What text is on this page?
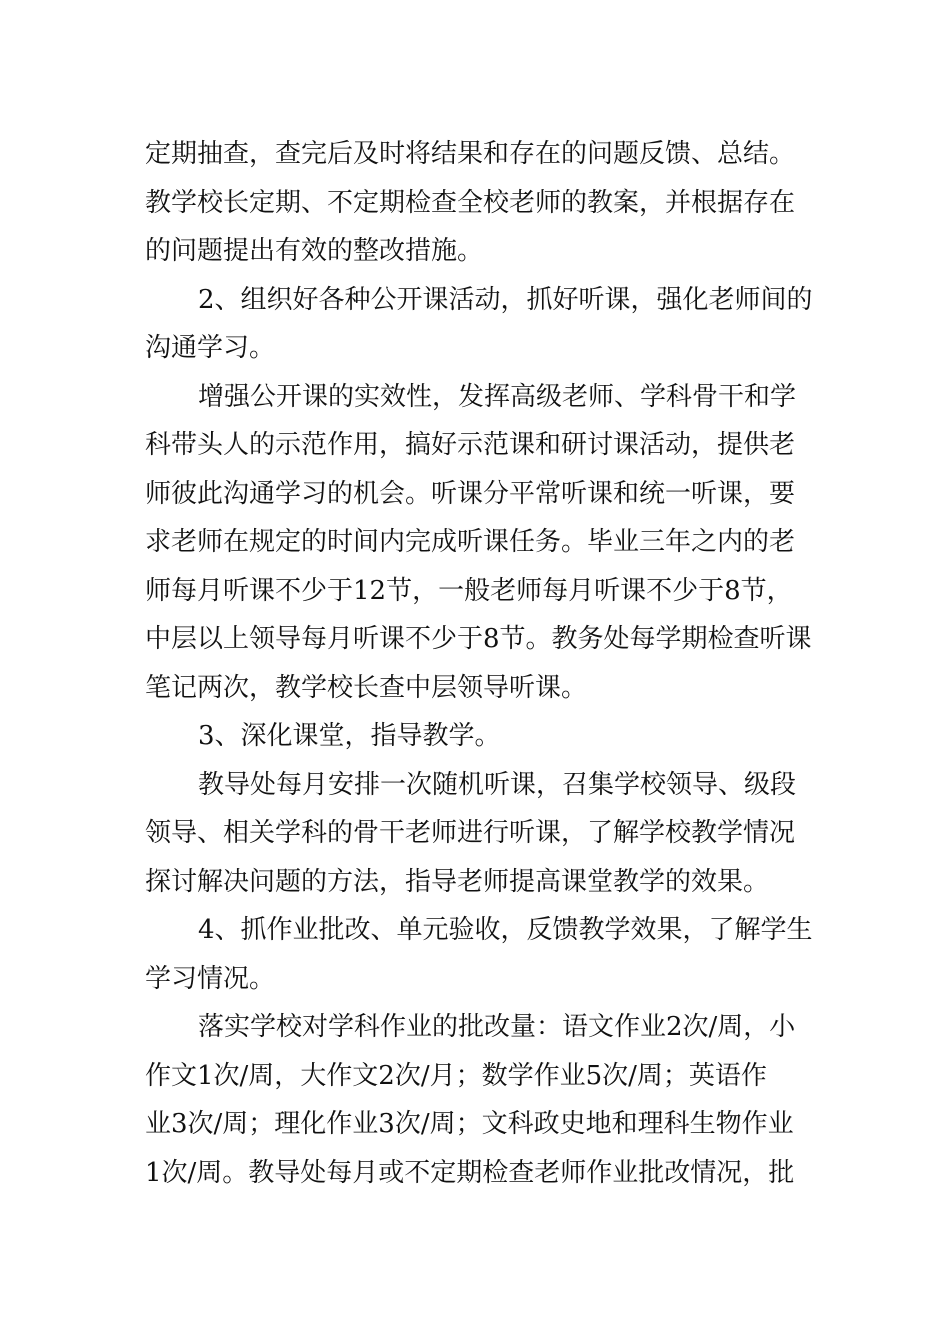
定期抽查，查完后及时将结果和存在的问题反馈、总结。
教学校长定期、不定期检查全校老师的教案，并根据存在
的问题提出有效的整改措施。
2、组织好各种公开课活动，抓好听课，强化老师间的
沟通学习。
增强公开课的实效性，发挥高级老师、学科骨干和学
科带头人的示范作用，搞好示范课和研讨课活动，提供老
师彼此沟通学习的机会。听课分平常听课和统一听课，要
求老师在规定的时间内完成听课任务。毕业三年之内的老
师每月听课不少于12节，一般老师每月听课不少于8节，
中层以上领导每月听课不少于8节。教务处每学期检查听课
笔记两次，教学校长查中层领导听课。
3、深化课堂，指导教学。
教导处每月安排一次随机听课，召集学校领导、级段
领导、相关学科的骨干老师进行听课，了解学校教学情况
探讨解决问题的方法，指导老师提高课堂教学的效果。
4、抓作业批改、单元验收，反馈教学效果，了解学生
学习情况。
落实学校对学科作业的批改量：语文作业2次/周，小
作文1次/周，大作文2次/月；数学作业5次/周；英语作
业3次/周；理化作业3次/周；文科政史地和理科生物作业
1次/周。教导处每月或不定期检查老师作业批改情况，批
